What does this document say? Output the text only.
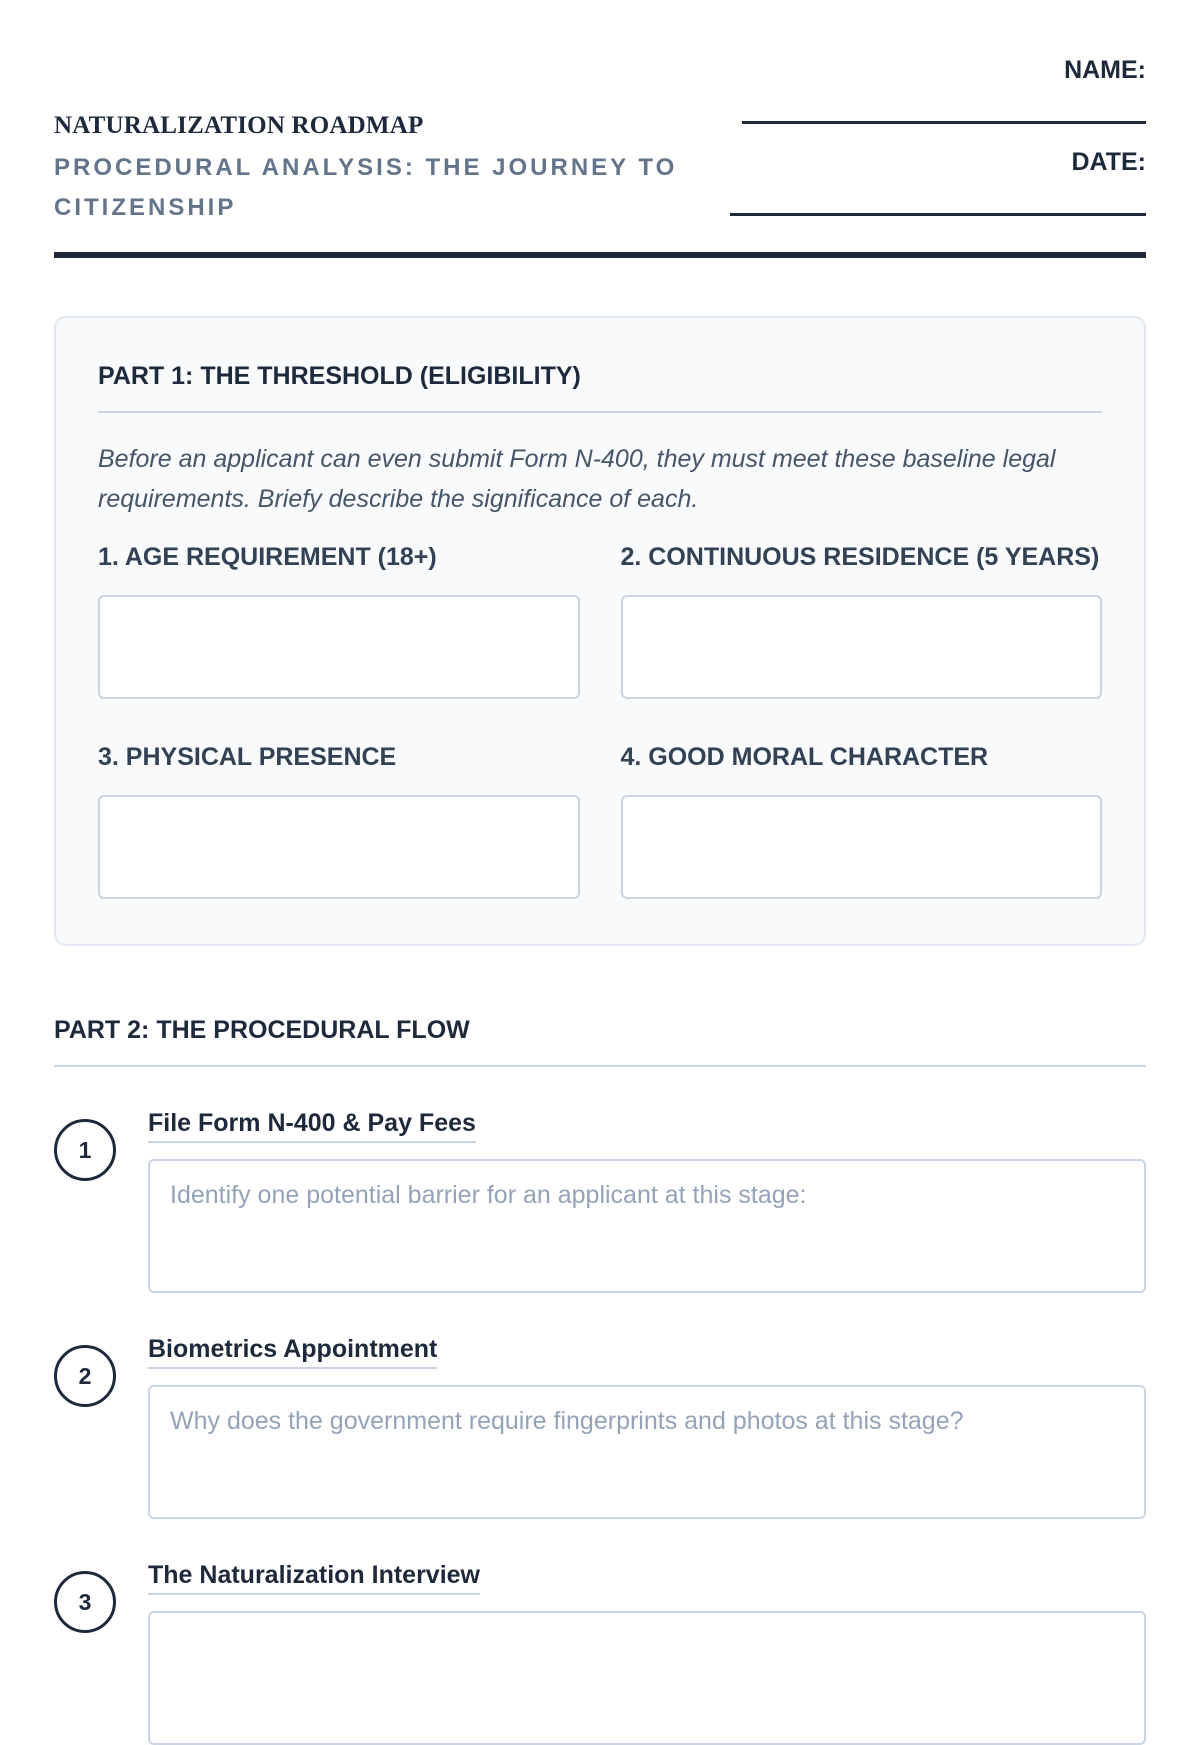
NATURALIZATION ROADMAP
PROCEDURAL ANALYSIS: THE JOURNEY TO CITIZENSHIP
NAME:
DATE:
PART 1: THE THRESHOLD (ELIGIBILITY)
Before an applicant can even submit Form N-400, they must meet these baseline legal requirements. Briefy describe the significance of each.
1. AGE REQUIREMENT (18+)	2. CONTINUOUS RESIDENCE (5 YEARS)
3. PHYSICAL PRESENCE	4. GOOD MORAL CHARACTER
PART 2: THE PROCEDURAL FLOW
1
File Form N-400 & Pay Fees
Identify one potential barrier for an applicant at this stage:
2
Biometrics Appointment
Why does the government require fingerprints and photos at this stage?
3
The Naturalization Interview
